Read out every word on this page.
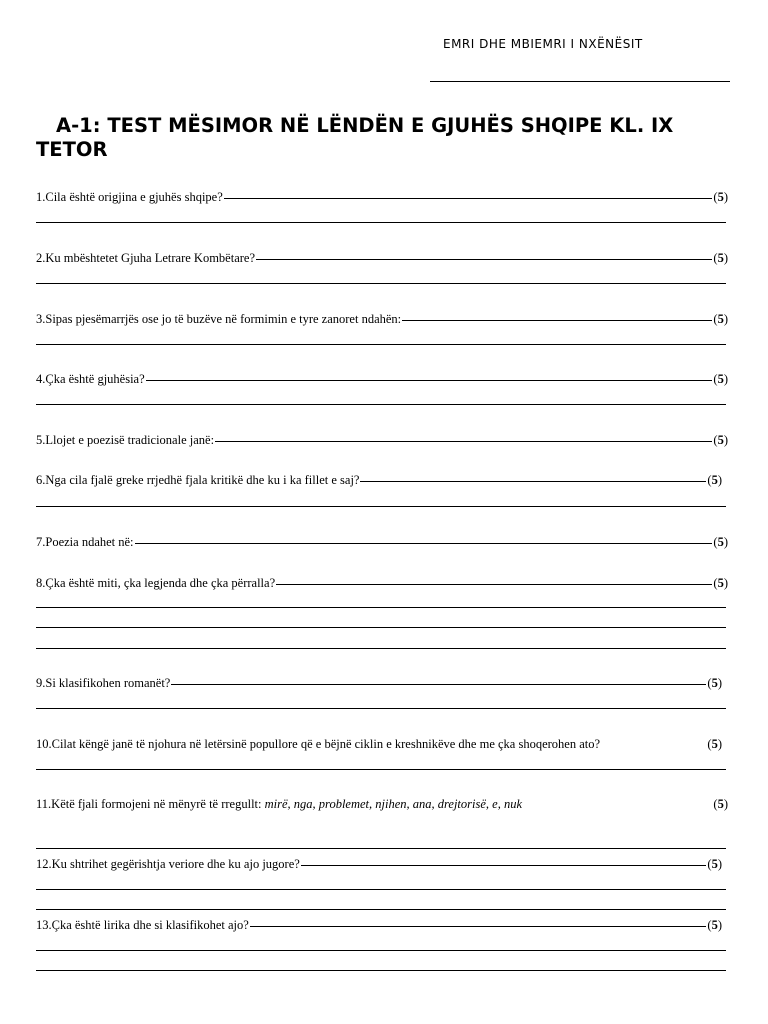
EMRI DHE MBIEMRI I NXËNËSIT
A-1: TEST MËSIMOR NË LËNDËN E GJUHËS SHQIPE KL. IX TETOR
1.Cila është origjina e gjuhës shqipe?	(5)
2.Ku mbështetet Gjuha Letrare Kombëtare?	(5)
3.Sipas pjesëmarrjës ose jo të buzëve në formimin e tyre zanoret ndahën:	(5)
4.Çka është gjuhësia?	(5)
5.Llojet e poezisë tradicionale janë:	(5)
6.Nga cila fjalë greke rrjedhë fjala kritikë dhe ku i ka fillet e saj?	(5)
7.Poezia ndahet në:	(5)
8.Çka është miti, çka legjenda dhe çka përralla?	(5)
9.Si klasifikohen romanët?	(5)
10.Cilat këngë janë të njohura në letërsinë popullore që e bëjnë ciklin e kreshnikëve dhe me çka shoqerohen ato?	(5)
11.Këtë fjali formojeni në mënyrë të rregullt: mirë, nga, problemet, njihen, ana, drejtorisë, e, nuk	(5)
12.Ku shtrihet gegërishtja veriore dhe ku ajo jugore?	(5)
13.Çka është lirika dhe si klasifikohet ajo?	(5)
